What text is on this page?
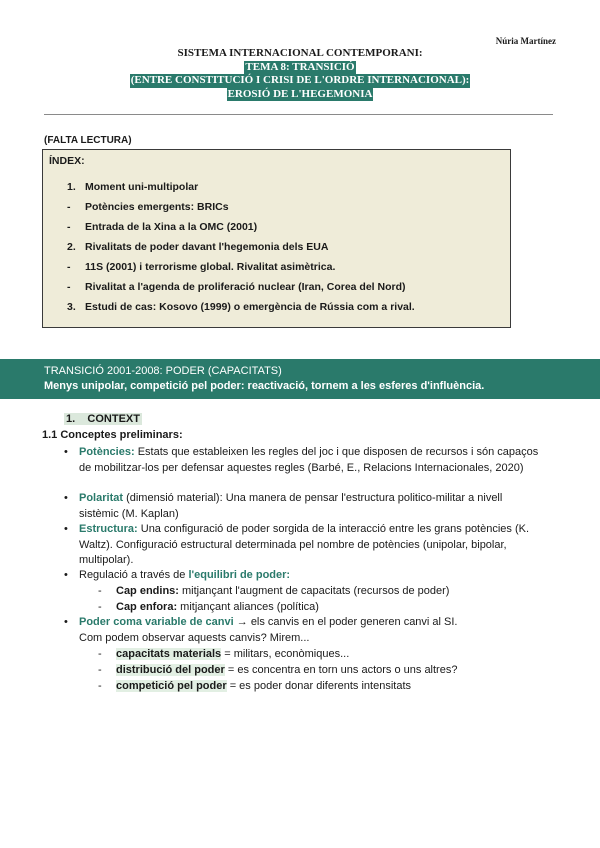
Núria Martínez
SISTEMA INTERNACIONAL CONTEMPORANI:
TEMA 8: TRANSICIÓ
(ENTRE CONSTITUCIÓ I CRISI DE L'ORDRE INTERNACIONAL):
EROSIÓ DE L'HEGEMONIA
(FALTA LECTURA)
ÍNDEX:
1. Moment uni-multipolar
-	Potències emergents: BRICs
-	Entrada de la Xina a la OMC (2001)
2. Rivalitats de poder davant l'hegemonia dels EUA
-	11S (2001) i terrorisme global. Rivalitat asimètrica.
-	Rivalitat a l'agenda de proliferació nuclear (Iran, Corea del Nord)
3. Estudi de cas: Kosovo (1999) o emergència de Rússia com a rival.
TRANSICIÓ 2001-2008: PODER (CAPACITATS)
Menys unipolar, competició pel poder: reactivació, tornem a les esferes d'influència.
1. CONTEXT
1.1 Conceptes preliminars:
•	Potències: Estats que estableixen les regles del joc i que disposen de recursos i són capaços de mobilitzar-los per defensar aquestes regles (Barbé, E., Relacions Internacionales, 2020)
•	Polaritat (dimensió material): Una manera de pensar l'estructura politico-militar a nivell sistèmic (M. Kaplan)
•	Estructura: Una configuració de poder sorgida de la interacció entre les grans potències (K. Waltz). Configuració estructural determinada pel nombre de potències (unipolar, bipolar, multipolar).
•	Regulació a través de l'equilibri de poder:
- Cap endins: mitjançant l'augment de capacitats (recursos de poder)
- Cap enfora: mitjançant aliances (política)
•	Poder coma variable de canvi → els canvis en el poder generen canvi al SI.
Com podem observar aquests canvis? Mirem...
- capacitats materials = militars, econòmiques...
- distribució del poder = es concentra en torn uns actors o uns altres?
- competició pel poder = es poder donar diferents intensitats
